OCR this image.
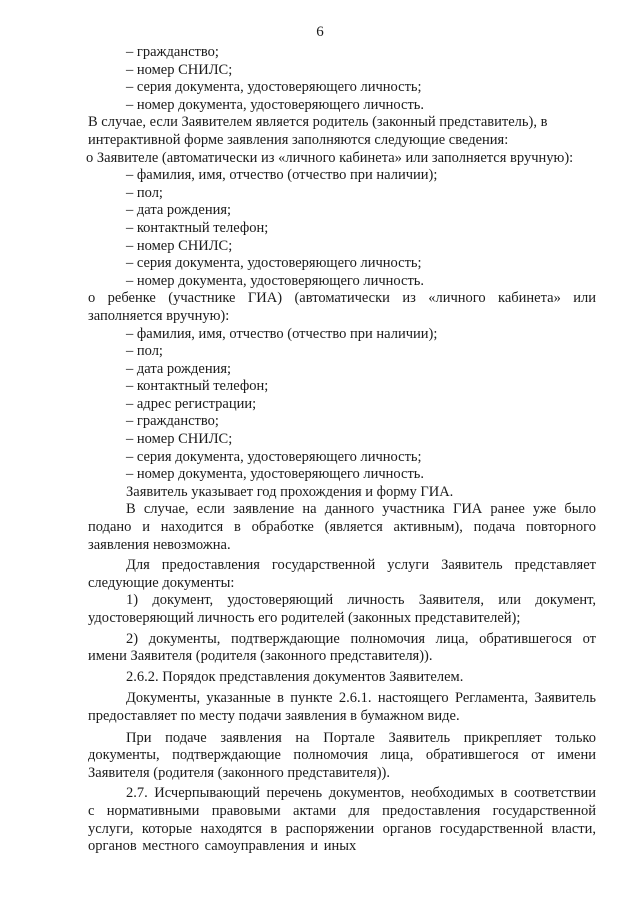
6
– гражданство;
– номер СНИЛС;
– серия документа, удостоверяющего личность;
– номер документа, удостоверяющего личность.
В случае, если Заявителем является родитель (законный представитель), в
интерактивной форме заявления заполняются следующие сведения:
о Заявителе (автоматически из «личного кабинета» или заполняется вручную):
– фамилия, имя, отчество (отчество при наличии);
– пол;
– дата рождения;
– контактный телефон;
– номер СНИЛС;
– серия документа, удостоверяющего личность;
– номер документа, удостоверяющего личность.
о ребенке (участнике ГИА) (автоматически из «личного кабинета» или заполняется вручную):
– фамилия, имя, отчество (отчество при наличии);
– пол;
– дата рождения;
– контактный телефон;
– адрес регистрации;
– гражданство;
– номер СНИЛС;
– серия документа, удостоверяющего личность;
– номер документа, удостоверяющего личность.
Заявитель указывает год прохождения и форму ГИА.
В случае, если заявление на данного участника ГИА ранее уже было подано и находится в обработке (является активным), подача повторного заявления невозможна.
Для предоставления государственной услуги Заявитель представляет следующие документы:
1) документ, удостоверяющий личность Заявителя, или документ, удостоверяющий личность его родителей (законных представителей);
2) документы, подтверждающие полномочия лица, обратившегося от имени Заявителя (родителя (законного представителя)).
2.6.2. Порядок представления документов Заявителем.
Документы, указанные в пункте 2.6.1. настоящего Регламента, Заявитель предоставляет по месту подачи заявления в бумажном виде.
При подаче заявления на Портале Заявитель прикрепляет только документы, подтверждающие полномочия лица, обратившегося от имени Заявителя (родителя (законного представителя)).
2.7. Исчерпывающий перечень документов, необходимых в соответствии с нормативными правовыми актами для предоставления государственной услуги, которые находятся в распоряжении органов государственной власти, органов местного самоуправления и иных
